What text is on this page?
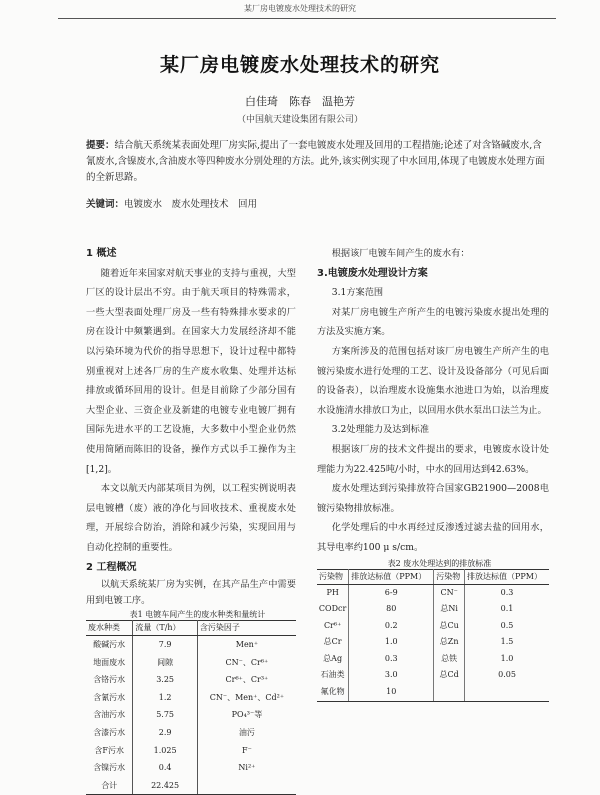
某厂房电镀废水处理技术的研究
某厂房电镀废水处理技术的研究
白佳琦　陈春　温艳芳
（中国航天建设集团有限公司）
提要：结合航天系统某表面处理厂房实际,提出了一套电镀废水处理及回用的工程措施;论述了对含铬碱废水,含氰废水,含镍废水,含油废水等四种废水分别处理的方法。此外,该实例实现了中水回用,体现了电镀废水处理方面的全新思路。
关键词：电镀废水　废水处理技术　回用

1 概述

随着近年来国家对航天事业的支持与重视，大型厂区的设计层出不穷。由于航天项目的特殊需求，一些大型表面处理厂房及一些有特殊排水要求的厂房在设计中频繁遇到。在国家大力发展经济却不能以污染环境为代价的指导思想下，设计过程中都特别重视对上述各厂房的生产废水收集、处理并达标排放或循环回用的设计。但是目前除了少部分国有大型企业、三资企业及新建的电镀专业电镀厂拥有国际先进水平的工艺设施，大多数中小型企业仍然使用简陋而陈旧的设备，操作方式以手工操作为主[1,2]。

本文以航天内部某项目为例，以工程实例说明表层电镀槽（废）液的净化与回收技术、重视废水处理，开展综合防治，消除和减少污染，实现回用与自动化控制的重要性。

2 工程概况

以航天系统某厂房为实例，在其产品生产中需要用到电镀工序。

表1 电镀车间产生的废水种类和量统计

废水种类	流量（T/h）	含污染因子
酸碱污水	7.9	Men⁺
地面废水	间隙	CN⁻、Cr⁶⁺
含铬污水	3.25	Cr⁶⁺、Cr³⁺
含氰污水	1.2	CN⁻、Men⁺、Cd²⁺
含油污水	5.75	PO₄³⁻等
含漆污水	2.9	油污
含F污水	1.025	F⁻
含镍污水	0.4	Ni²⁺
合计	22.425	

根据该厂电镀车间产生的废水有：

3.电镀废水处理设计方案

3.1方案范围

对某厂房电镀生产所产生的电镀污染废水提出处理的方法及实施方案。

方案所涉及的范围包括对该厂房电镀生产所产生的电镀污染废水进行处理的工艺、设计及设备部分（可见后面的设备表），以治理废水设施集水池进口为始，以治理废水设施清水排放口为止，以回用水供水泵出口法兰为止。

3.2处理能力及达到标准

根据该厂房的技术文件提出的要求，电镀废水设计处理能力为22.425吨/小时，中水的回用达到42.63%。

废水处理达到污染排放符合国家GB21900—2008电镀污染物排放标准。

化学处理后的中水再经过反渗透过滤去盐的回用水，其导电率约100 μ s/cm。

表2 废水处理达到的排放标准

污染物	排放达标值（PPM）	污染物	排放达标值（PPM）
PH	6-9	CN⁻	0.3
CODcr	80	总Ni	0.1
Cr⁶⁺	0.2	总Cu	0.5
总Cr	1.0	总Zn	1.5
总Ag	0.3	总铁	1.0
石油类	3.0	总Cd	0.05
氟化物	10		
